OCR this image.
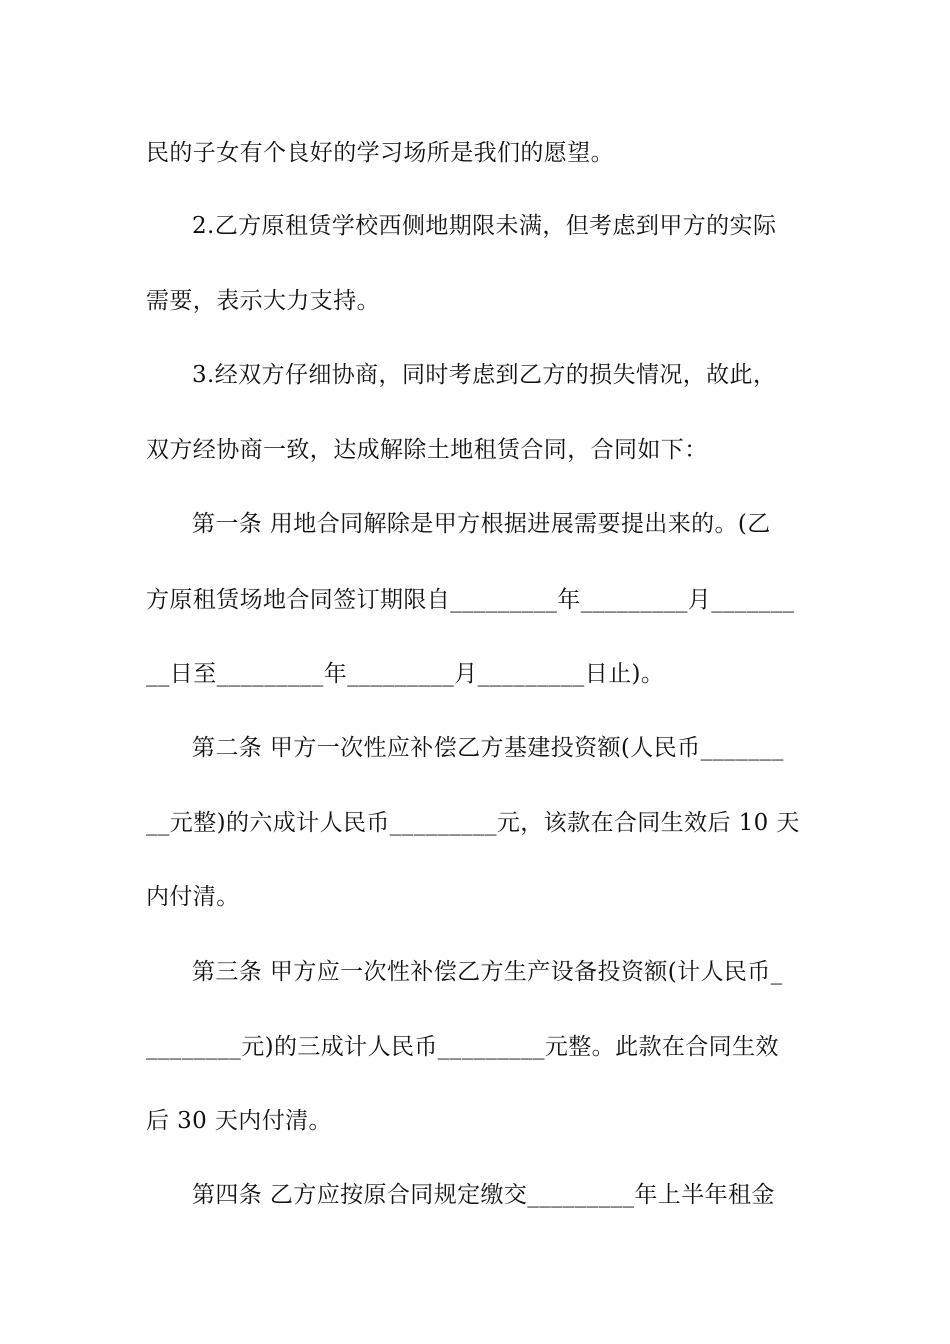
民的子女有个良好的学习场所是我们的愿望。
2.乙方原租赁学校西侧地期限未满，但考虑到甲方的实际
需要，表示大力支持。
3.经双方仔细协商，同时考虑到乙方的损失情况，故此，
双方经协商一致，达成解除土地租赁合同，合同如下：
第一条 用地合同解除是甲方根据进展需要提出来的。(乙
方原租赁场地合同签订期限自_________年_________月_______
__日至_________年_________月_________日止)。
第二条 甲方一次性应补偿乙方基建投资额(人民币_______
__元整)的六成计人民币_________元，该款在合同生效后 10 天
内付清。
第三条 甲方应一次性补偿乙方生产设备投资额(计人民币_
________元)的三成计人民币_________元整。此款在合同生效
后 30 天内付清。
第四条 乙方应按原合同规定缴交_________年上半年租金
